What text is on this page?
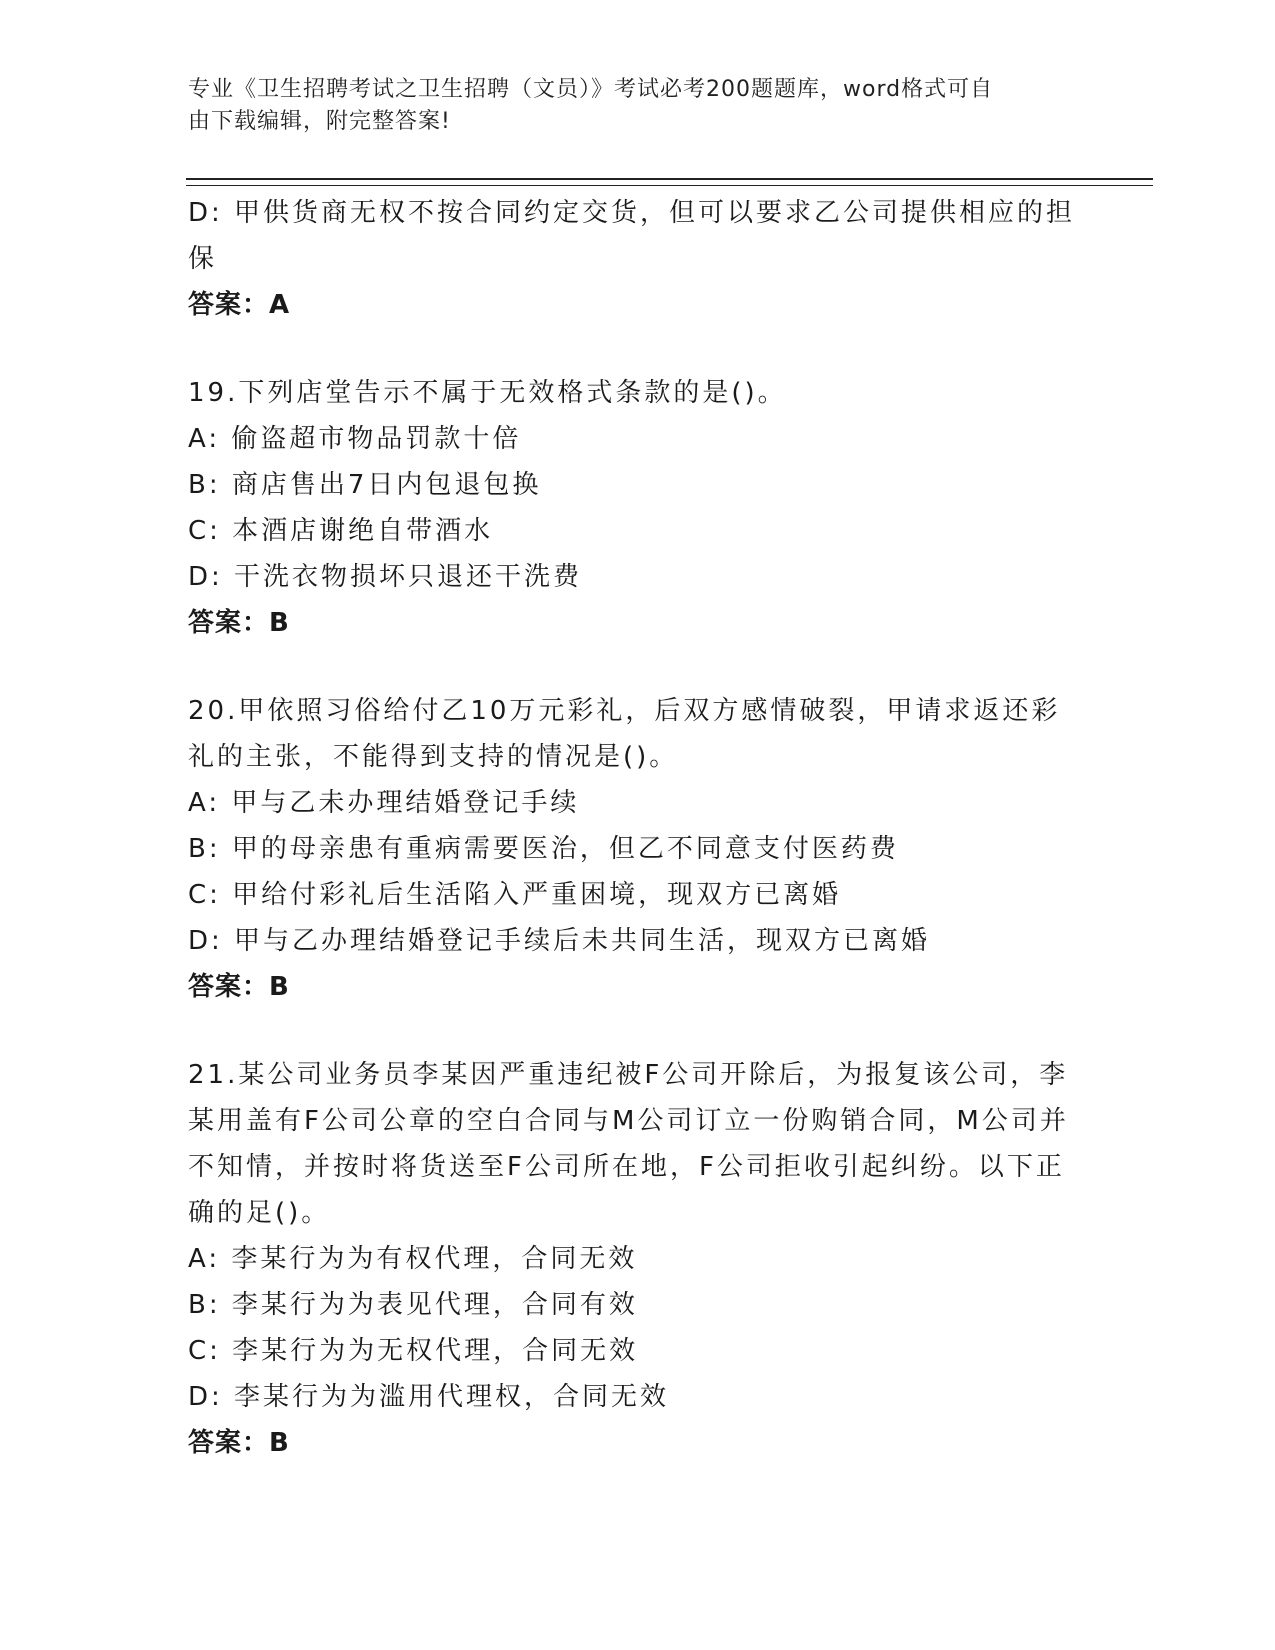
专业《卫生招聘考试之卫生招聘（文员）》考试必考200题题库，word格式可自
由下载编辑，附完整答案!

D: 甲供货商无权不按合同约定交货，但可以要求乙公司提供相应的担

保

答案：A

19.下列店堂告示不属于无效格式条款的是()。

A: 偷盗超市物品罚款十倍

B: 商店售出7日内包退包换

C: 本酒店谢绝自带酒水

D: 干洗衣物损坏只退还干洗费

答案：B

20.甲依照习俗给付乙10万元彩礼，后双方感情破裂，甲请求返还彩

礼的主张，不能得到支持的情况是()。

A: 甲与乙未办理结婚登记手续

B: 甲的母亲患有重病需要医治，但乙不同意支付医药费

C: 甲给付彩礼后生活陷入严重困境，现双方已离婚

D: 甲与乙办理结婚登记手续后未共同生活，现双方已离婚

答案：B

21.某公司业务员李某因严重违纪被F公司开除后，为报复该公司，李

某用盖有F公司公章的空白合同与M公司订立一份购销合同，M公司并

不知情，并按时将货送至F公司所在地，F公司拒收引起纠纷。以下正

确的足()。

A: 李某行为为有权代理，合同无效

B: 李某行为为表见代理，合同有效

C: 李某行为为无权代理，合同无效

D: 李某行为为滥用代理权，合同无效

答案：B
